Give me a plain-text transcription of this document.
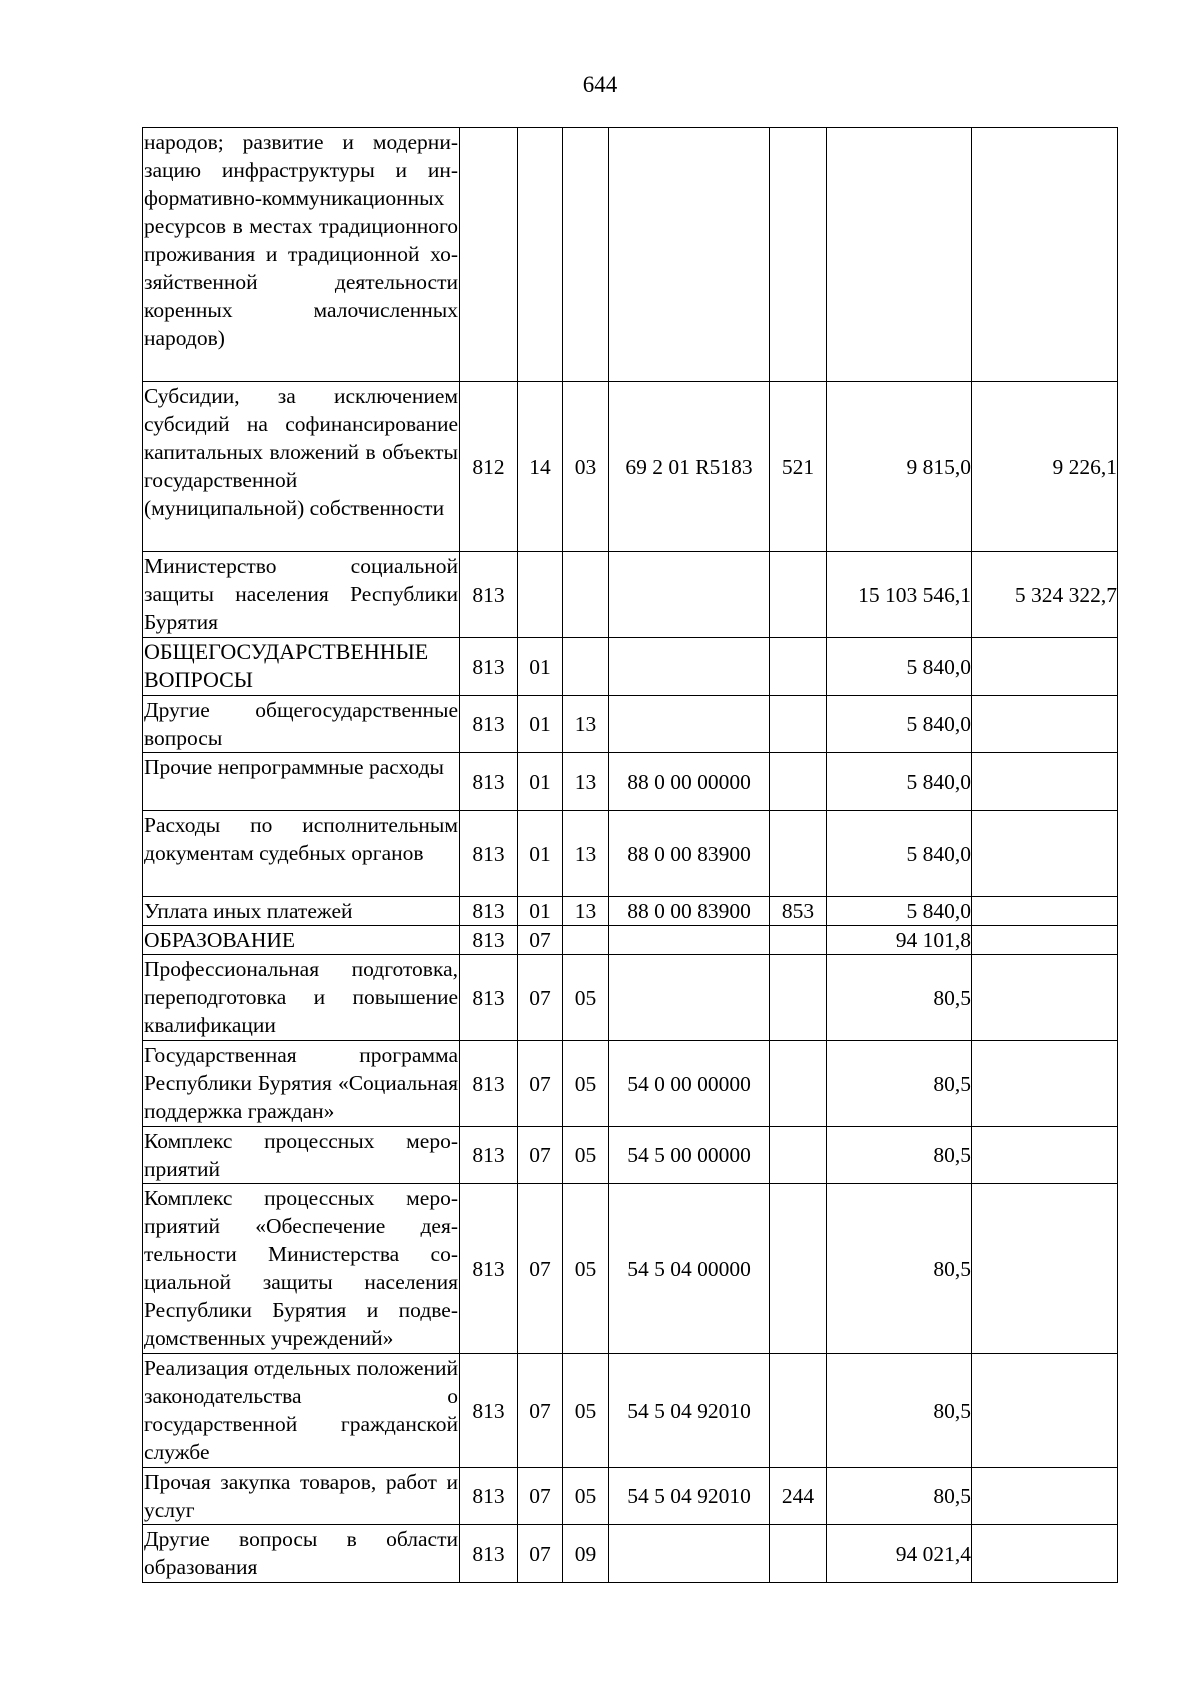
644
народов; развитие и модернизацию инфраструктуры и информативно-коммуникационных ресурсов в местах традиционного проживания и традиционной хозяйственной деятельности коренных малочисленных народов)							
Субсидии, за исключением субсидий на софинансирование капитальных вложений в объекты государственной (муниципальной) собственности	812	14	03	69 2 01 R5183	521	9 815,0	9 226,1
Министерство социальной защиты населения Республики Бурятия	813					15 103 546,1	5 324 322,7
ОБЩЕГОСУДАРСТВЕННЫЕ ВОПРОСЫ	813	01				5 840,0	
Другие общегосударственные вопросы	813	01	13			5 840,0	
Прочие непрограммные расходы	813	01	13	88 0 00 00000		5 840,0	
Расходы по исполнительным документам судебных органов	813	01	13	88 0 00 83900		5 840,0	
Уплата иных платежей	813	01	13	88 0 00 83900	853	5 840,0	
ОБРАЗОВАНИЕ	813	07				94 101,8	
Профессиональная подготовка, переподготовка и повышение квалификации	813	07	05			80,5	
Государственная программа Республики Бурятия «Социальная поддержка граждан»	813	07	05	54 0 00 00000		80,5	
Комплекс процессных мероприятий	813	07	05	54 5 00 00000		80,5	
Комплекс процессных мероприятий «Обеспечение деятельности Министерства социальной защиты населения Республики Бурятия и подведомственных учреждений»	813	07	05	54 5 04 00000		80,5	
Реализация отдельных положений законодательства о государственной гражданской службе	813	07	05	54 5 04 92010		80,5	
Прочая закупка товаров, работ и услуг	813	07	05	54 5 04 92010	244	80,5	
Другие вопросы в области образования	813	07	09			94 021,4	
